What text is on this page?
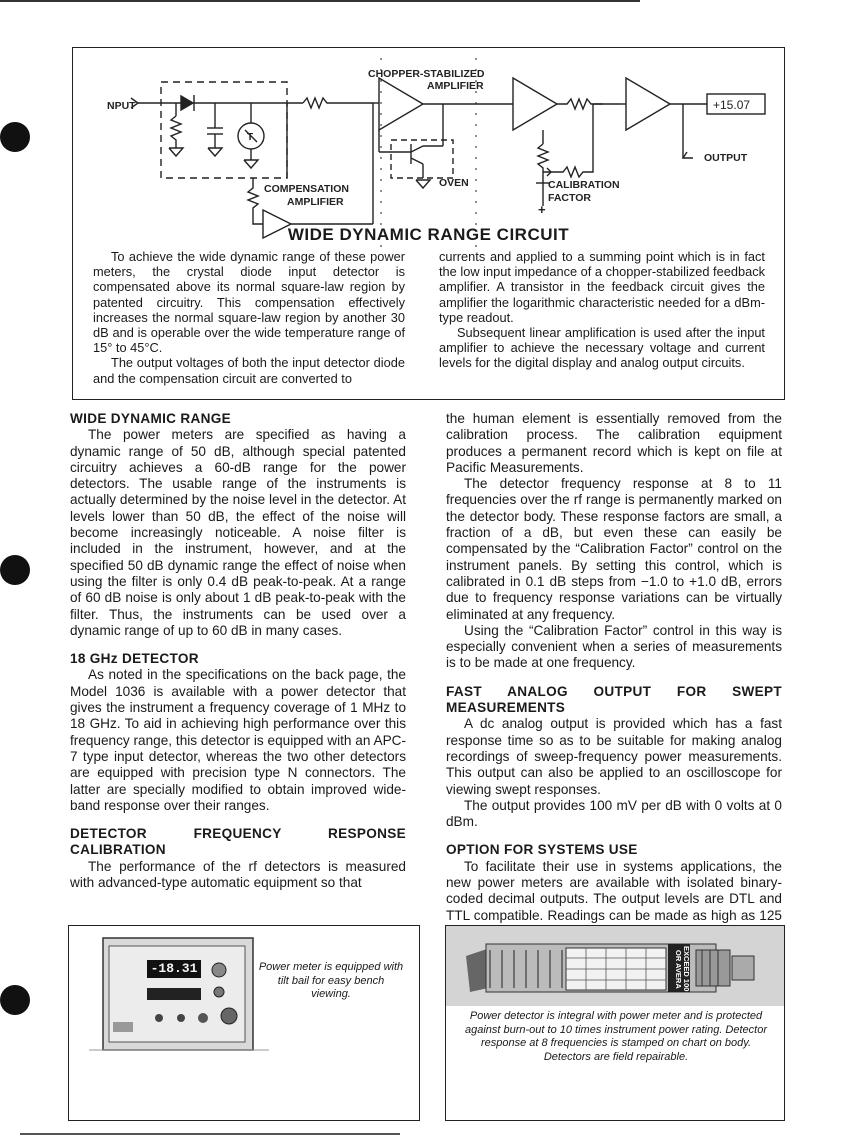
NPUT
CHOPPER-STABILIZED
AMPLIFIER
T
COMPENSATION
AMPLIFIER
OVEN	CALIBRATION
FACTOR
OUTPUT
+
+15.07
WIDE DYNAMIC RANGE CIRCUIT

To achieve the wide dynamic range of these power meters, the crystal diode input detector is compensated above its normal square-law region by patented circuitry. This compensation effectively increases the normal square-law region by another 30 dB and is operable over the wide temperature range of 15° to 45°C.

The output voltages of both the input detector diode and the compensation circuit are converted to

currents and applied to a summing point which is in fact the low input impedance of a chopper-stabilized feedback amplifier. A transistor in the feedback circuit gives the amplifier the logarithmic characteristic needed for a dBm-type readout.

Subsequent linear amplification is used after the input amplifier to achieve the necessary voltage and current levels for the digital display and analog output circuits.

WIDE DYNAMIC RANGE

The power meters are specified as having a dynamic range of 50 dB, although special patented circuitry achieves a 60-dB range for the power detectors. The usable range of the instruments is actually determined by the noise level in the detector. At levels lower than 50 dB, the effect of the noise will become increasingly noticeable. A noise filter is included in the instrument, however, and at the specified 50 dB dynamic range the effect of noise when using the filter is only 0.4 dB peak-to-peak. At a range of 60 dB noise is only about 1 dB peak-to-peak with the filter. Thus, the instruments can be used over a dynamic range of up to 60 dB in many cases.

18 GHz DETECTOR

As noted in the specifications on the back page, the Model 1036 is available with a power detector that gives the instrument a frequency coverage of 1 MHz to 18 GHz. To aid in achieving high performance over this frequency range, this detector is equipped with an APC-7 type input detector, whereas the two other detectors are equipped with precision type N connectors. The latter are specially modified to obtain improved wide-band response over their ranges.

DETECTOR FREQUENCY RESPONSE CALIBRATION

The performance of the rf detectors is measured with advanced-type automatic equipment so that

the human element is essentially removed from the calibration process. The calibration equipment produces a permanent record which is kept on file at Pacific Measurements.

The detector frequency response at 8 to 11 frequencies over the rf range is permanently marked on the detector body. These response factors are small, a fraction of a dB, but even these can easily be compensated by the “Calibration Factor” control on the instrument panels. By setting this control, which is calibrated in 0.1 dB steps from −1.0 to +1.0 dB, errors due to frequency response variations can be virtually eliminated at any frequency.

Using the “Calibration Factor” control in this way is especially convenient when a series of measurements is to be made at one frequency.

FAST ANALOG OUTPUT FOR SWEPT MEASUREMENTS

A dc analog output is provided which has a fast response time so as to be suitable for making analog recordings of sweep-frequency power measurements. This output can also be applied to an oscilloscope for viewing swept responses.

The output provides 100 mV per dB with 0 volts at 0 dBm.

OPTION FOR SYSTEMS USE

To facilitate their use in systems applications, the new power meters are available with isolated binary-coded decimal outputs. The output levels are DTL and TTL compatible. Readings can be made as high as 125

-18.31	Power meter is equipped with tilt bail for easy bench viewing.
EXCEED 100 OR AVERA
Power detector is integral with power meter and is protected against burn-out to 10 times instrument power rating. Detector response at 8 frequencies is stamped on chart on body. Detectors are field repairable.
